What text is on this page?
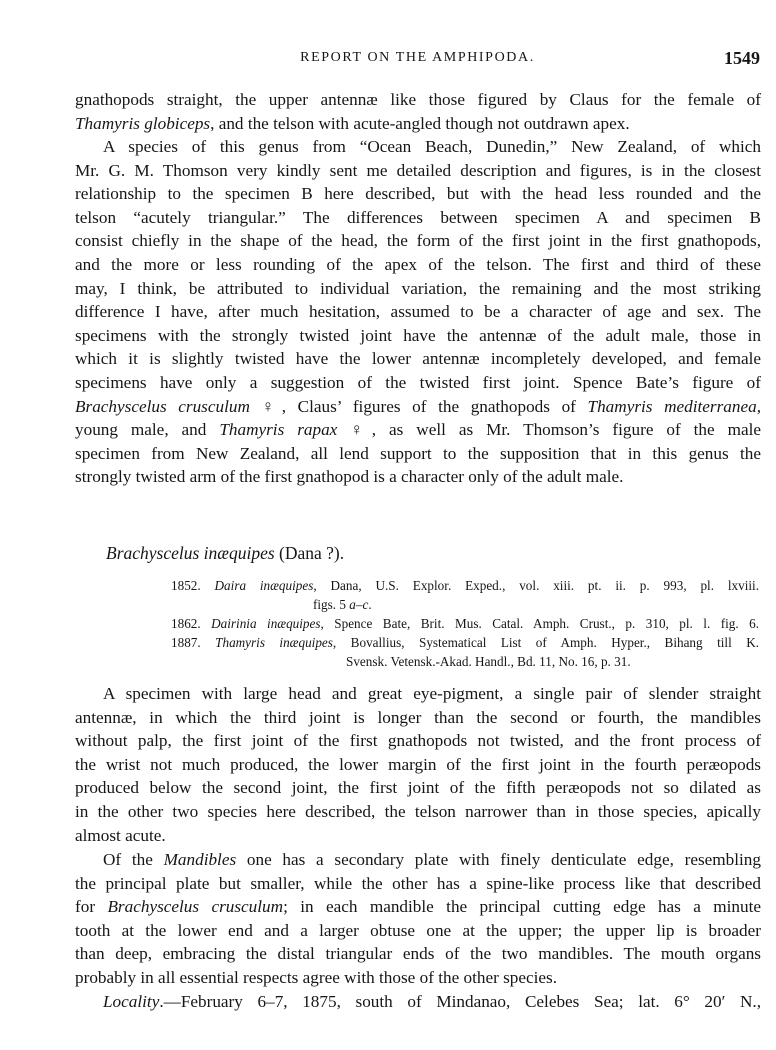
REPORT ON THE AMPHIPODA.	1549

gnathopods straight, the upper antennæ like those figured by Claus for the female of
Thamyris globiceps, and the telson with acute-angled though not outdrawn apex.

A species of this genus from “Ocean Beach, Dunedin,” New Zealand, of which
Mr. G. M. Thomson very kindly sent me detailed description and figures, is in the closest
relationship to the specimen B here described, but with the head less rounded and the
telson “acutely triangular.” The differences between specimen A and specimen B
consist chiefly in the shape of the head, the form of the first joint in the first gnathopods,
and the more or less rounding of the apex of the telson. The first and third of these
may, I think, be attributed to individual variation, the remaining and the most striking
difference I have, after much hesitation, assumed to be a character of age and sex. The
specimens with the strongly twisted joint have the antennæ of the adult male, those in
which it is slightly twisted have the lower antennæ incompletely developed, and female
specimens have only a suggestion of the twisted first joint. Spence Bate’s figure of
Brachyscelus crusculum ♀, Claus’ figures of the gnathopods of Thamyris mediterranea,
young male, and Thamyris rapax ♀, as well as Mr. Thomson’s figure of the male
specimen from New Zealand, all lend support to the supposition that in this genus the
strongly twisted arm of the first gnathopod is a character only of the adult male.

Brachyscelus inæquipes (Dana ?).

1852. Daira inæquipes, Dana, U.S. Explor. Exped., vol. xiii. pt. ii. p. 993, pl. lxviii.
figs. 5 a–c.

1862. Dairinia inæquipes, Spence Bate, Brit. Mus. Catal. Amph. Crust., p. 310, pl. l. fig. 6.

1887. Thamyris inæquipes, Bovallius, Systematical List of Amph. Hyper., Bihang till K.
Svensk. Vetensk.-Akad. Handl., Bd. 11, No. 16, p. 31.

A specimen with large head and great eye-pigment, a single pair of slender straight
antennæ, in which the third joint is longer than the second or fourth, the mandibles
without palp, the first joint of the first gnathopods not twisted, and the front process of
the wrist not much produced, the lower margin of the first joint in the fourth peræopods
produced below the second joint, the first joint of the fifth peræopods not so dilated as
in the other two species here described, the telson narrower than in those species, apically
almost acute.

Of the Mandibles one has a secondary plate with finely denticulate edge, resembling
the principal plate but smaller, while the other has a spine-like process like that described
for Brachyscelus crusculum; in each mandible the principal cutting edge has a minute
tooth at the lower end and a larger obtuse one at the upper; the upper lip is broader
than deep, embracing the distal triangular ends of the two mandibles. The mouth organs
probably in all essential respects agree with those of the other species.

Locality.—February 6–7, 1875, south of Mindanao, Celebes Sea; lat. 6° 20′ N.,
